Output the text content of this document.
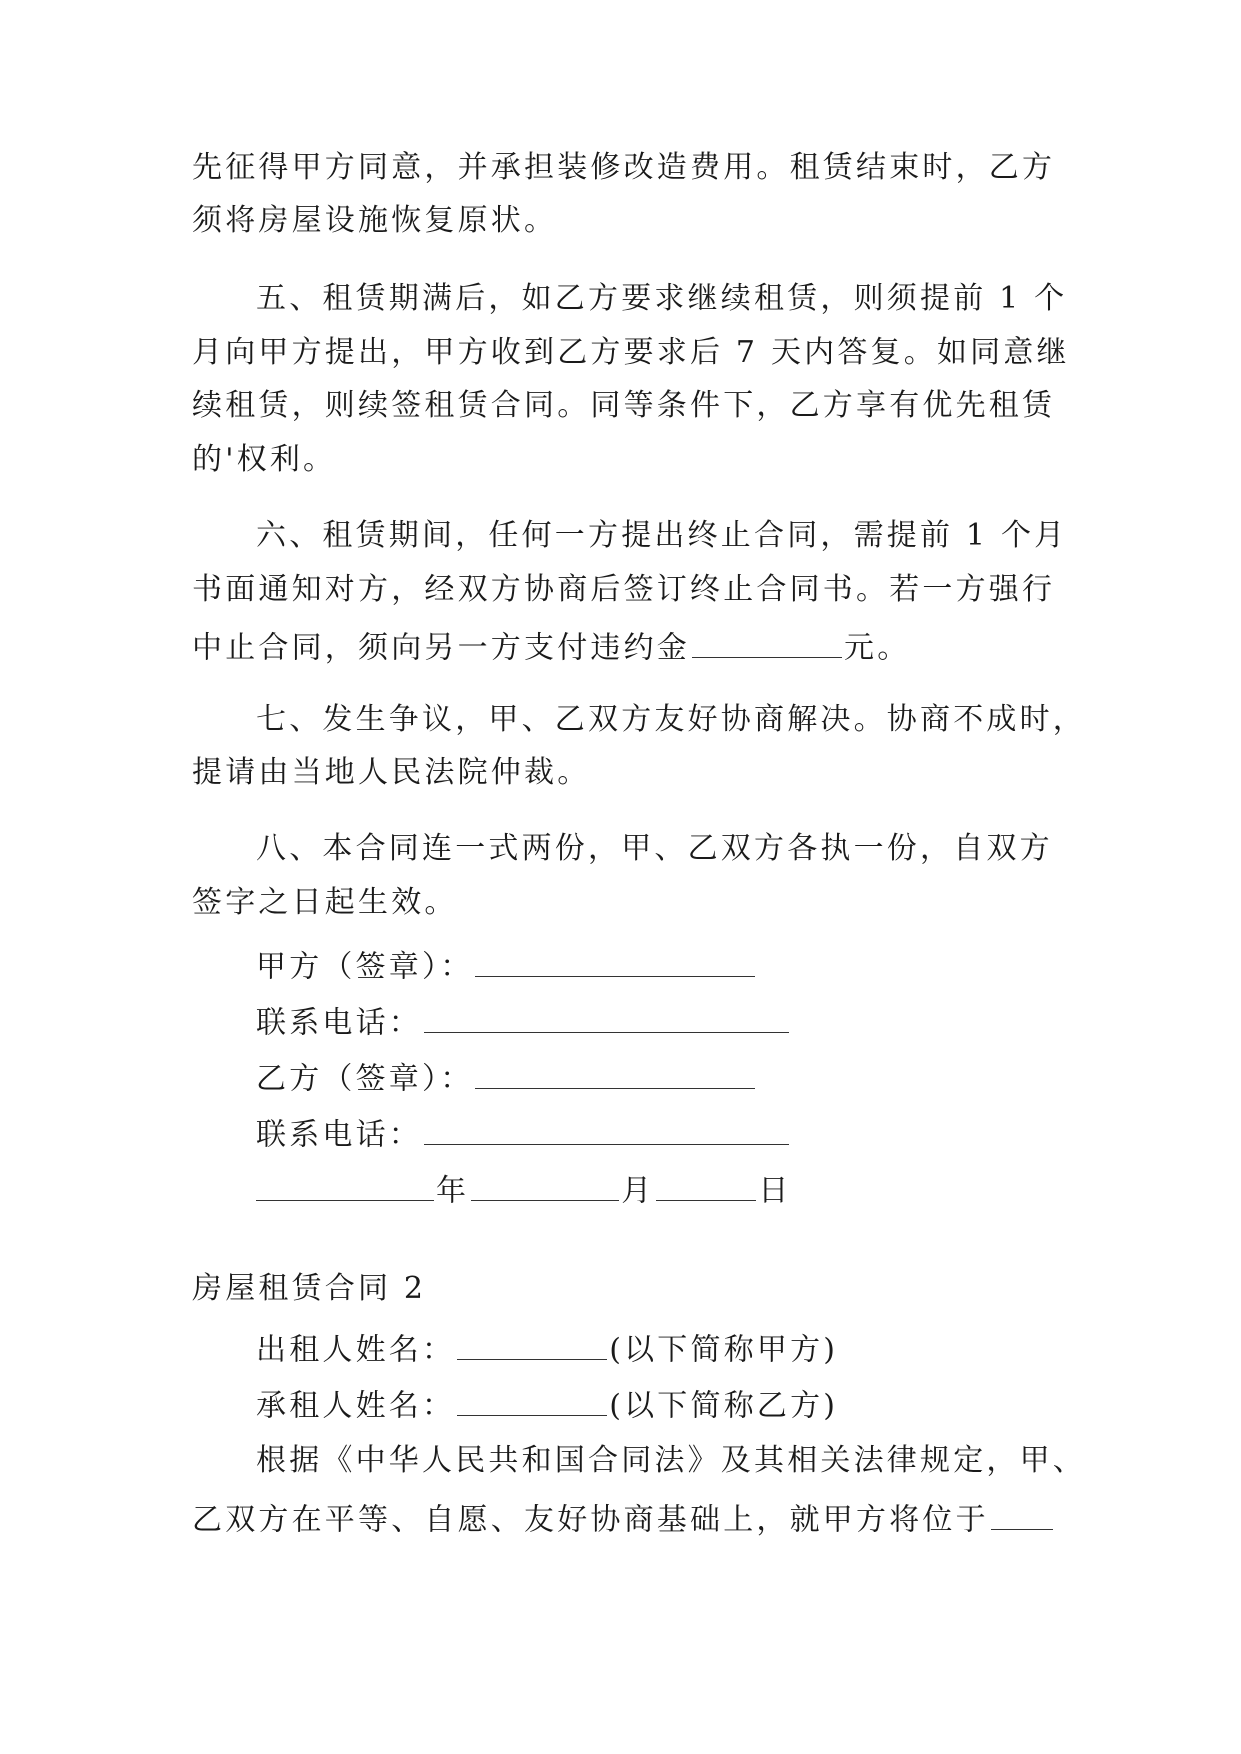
先征得甲方同意，并承担装修改造费用。租赁结束时，乙方
须将房屋设施恢复原状。
五、租赁期满后，如乙方要求继续租赁，则须提前 1 个
月向甲方提出，甲方收到乙方要求后 7 天内答复。如同意继
续租赁，则续签租赁合同。同等条件下，乙方享有优先租赁
的'权利。
六、租赁期间，任何一方提出终止合同，需提前 1 个月
书面通知对方，经双方协商后签订终止合同书。若一方强行
中止合同，须向另一方支付违约金	元。
七、发生争议，甲、乙双方友好协商解决。协商不成时，
提请由当地人民法院仲裁。
八、本合同连一式两份，甲、乙双方各执一份，自双方
签字之日起生效。
甲方（签章）：
联系电话：
乙方（签章）：
联系电话：
年	月	日
房屋租赁合同 2
出租人姓名：	(以下简称甲方)
承租人姓名：	(以下简称乙方)
根据《中华人民共和国合同法》及其相关法律规定，甲、
乙双方在平等、自愿、友好协商基础上，就甲方将位于
